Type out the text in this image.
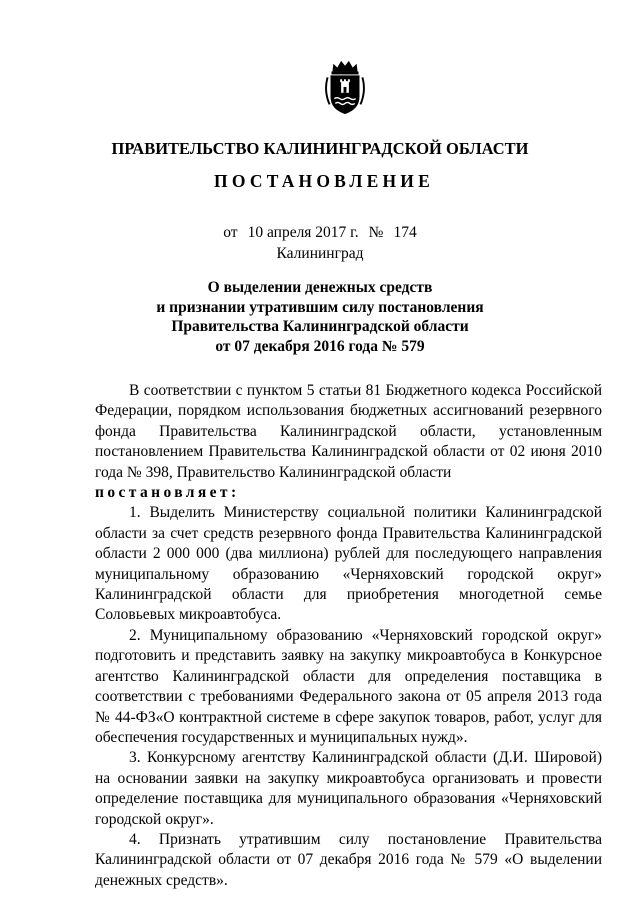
ПРАВИТЕЛЬСТВО КАЛИНИНГРАДСКОЙ ОБЛАСТИ
ПОСТАНОВЛЕНИЕ
от 10 апреля 2017 г. № 174
Калининград
О выделении денежных средств
и признании утратившим силу постановления
Правительства Калининградской области
от 07 декабря 2016 года № 579

В соответствии с пунктом 5 статьи 81 Бюджетного кодекса Российской Федерации, порядком использования бюджетных ассигнований резервного фонда Правительства Калининградской области, установленным постановлением Правительства Калининградской области от 02 июня 2010 года № 398, Правительство Калининградской области

постановляет:

1. Выделить Министерству социальной политики Калининградской области за счет средств резервного фонда Правительства Калининградской области 2 000 000 (два миллиона) рублей для последующего направления муниципальному образованию «Черняховский городской округ» Калининградской области для приобретения многодетной семье Соловьевых микроавтобуса.

2. Муниципальному образованию «Черняховский городской округ» подготовить и представить заявку на закупку микроавтобуса в Конкурсное агентство Калининградской области для определения поставщика в соответствии с требованиями Федерального закона от 05 апреля 2013 года № 44-ФЗ«О контрактной системе в сфере закупок товаров, работ, услуг для обеспечения государственных и муниципальных нужд».

3. Конкурсному агентству Калининградской области (Д.И. Шировой) на основании заявки на закупку микроавтобуса организовать и провести определение поставщика для муниципального образования «Черняховский городской округ».

4. Признать утратившим силу постановление Правительства Калининградской области от 07 декабря 2016 года № 579 «О выделении денежных средств».
